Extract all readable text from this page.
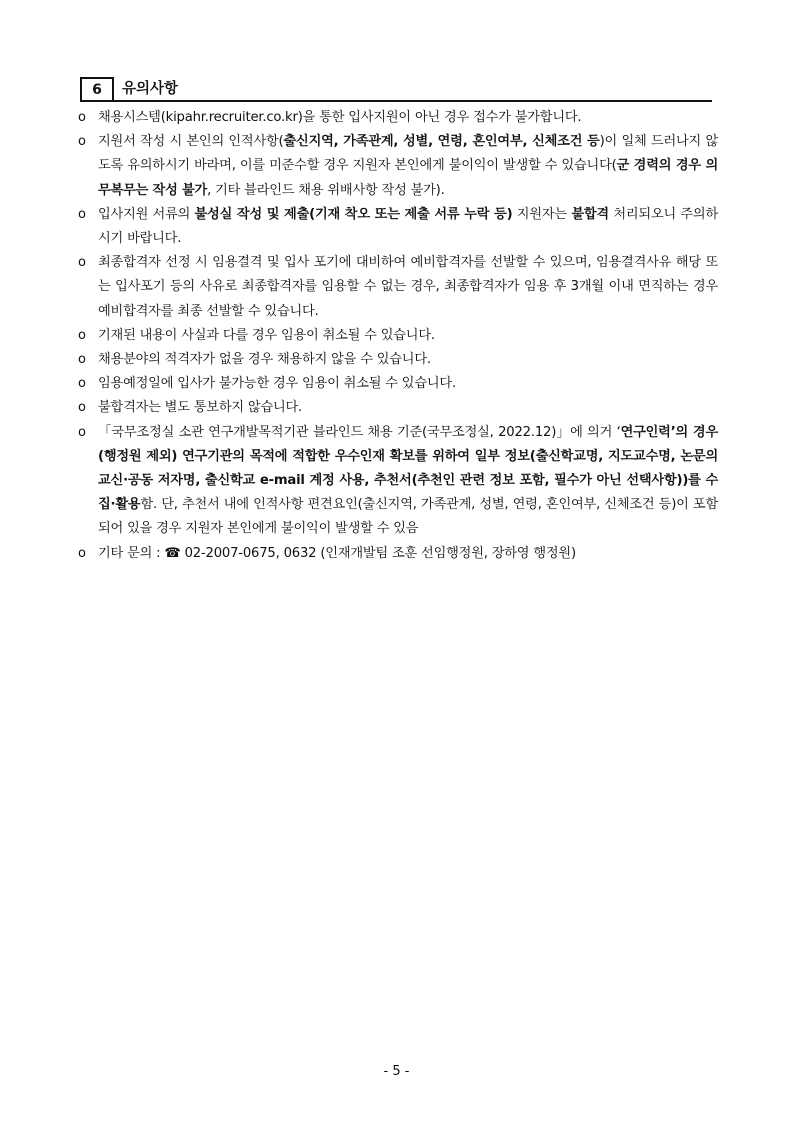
6	유의사항
o 채용시스템(kipahr.recruiter.co.kr)을 통한 입사지원이 아닌 경우 접수가 불가합니다.
o 지원서 작성 시 본인의 인적사항(출신지역, 가족관계, 성별, 연령, 혼인여부, 신체조건 등)이 일체 드러나지 않도록 유의하시기 바라며, 이를 미준수할 경우 지원자 본인에게 불이익이 발생할 수 있습니다(군 경력의 경우 의무복무는 작성 불가, 기타 블라인드 채용 위배사항 작성 불가).
o 입사지원 서류의 불성실 작성 및 제출(기재 착오 또는 제출 서류 누락 등) 지원자는 불합격 처리되오니 주의하시기 바랍니다.
o 최종합격자 선정 시 임용결격 및 입사 포기에 대비하여 예비합격자를 선발할 수 있으며, 임용결격사유 해당 또는 입사포기 등의 사유로 최종합격자를 임용할 수 없는 경우, 최종합격자가 임용 후 3개월 이내 면직하는 경우 예비합격자를 최종 선발할 수 있습니다.
o 기재된 내용이 사실과 다를 경우 임용이 취소될 수 있습니다.
o 채용분야의 적격자가 없을 경우 채용하지 않을 수 있습니다.
o 임용예정일에 입사가 불가능한 경우 임용이 취소될 수 있습니다.
o 불합격자는 별도 통보하지 않습니다.
o 「국무조정실 소관 연구개발목적기관 블라인드 채용 기준(국무조정실, 2022.12)」에 의거 ‘연구인력’의 경우(행정원 제외) 연구기관의 목적에 적합한 우수인재 확보를 위하여 일부 정보(출신학교명, 지도교수명, 논문의 교신·공동 저자명, 출신학교 e-mail 계정 사용, 추천서(추천인 관련 정보 포함, 필수가 아닌 선택사항))를 수집·활용함. 단, 추천서 내에 인적사항 편견요인(출신지역, 가족관계, 성별, 연령, 혼인여부, 신체조건 등)이 포함되어 있을 경우 지원자 본인에게 불이익이 발생할 수 있음
o 기타 문의 : ☎ 02-2007-0675, 0632 (인재개발팀 조훈 선임행정원, 장하영 행정원)
- 5 -
